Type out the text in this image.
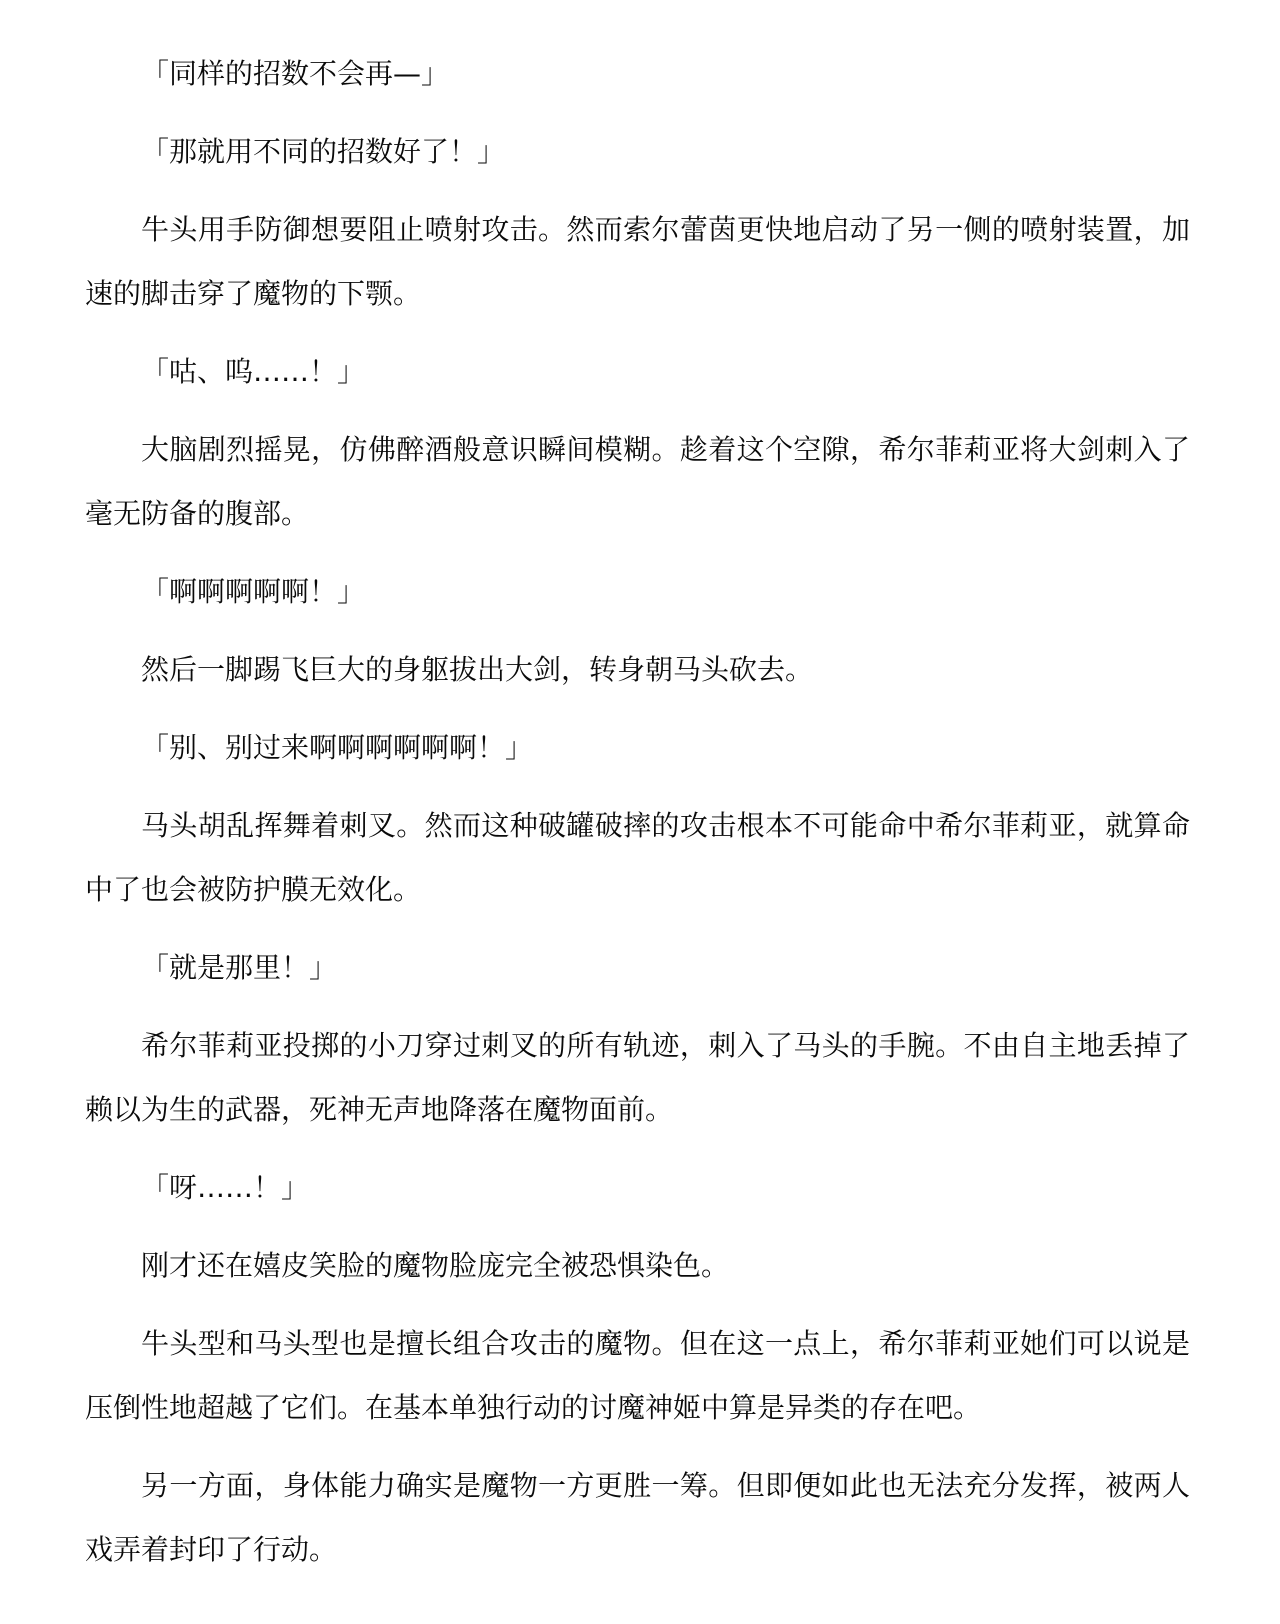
「同样的招数不会再—」

「那就用不同的招数好了！」

牛头用手防御想要阻止喷射攻击。然而索尔蕾茵更快地启动了另一侧的喷射装置，加速的脚击穿了魔物的下颚。

「咕、呜……！」

大脑剧烈摇晃，仿佛醉酒般意识瞬间模糊。趁着这个空隙，希尔菲莉亚将大剑刺入了毫无防备的腹部。

「啊啊啊啊啊！」

然后一脚踢飞巨大的身躯拔出大剑，转身朝马头砍去。

「别、别过来啊啊啊啊啊啊！」

马头胡乱挥舞着刺叉。然而这种破罐破摔的攻击根本不可能命中希尔菲莉亚，就算命中了也会被防护膜无效化。

「就是那里！」

希尔菲莉亚投掷的小刀穿过刺叉的所有轨迹，刺入了马头的手腕。不由自主地丢掉了赖以为生的武器，死神无声地降落在魔物面前。

「呀……！」

刚才还在嬉皮笑脸的魔物脸庞完全被恐惧染色。

牛头型和马头型也是擅长组合攻击的魔物。但在这一点上，希尔菲莉亚她们可以说是压倒性地超越了它们。在基本单独行动的讨魔神姬中算是异类的存在吧。

另一方面，身体能力确实是魔物一方更胜一筹。但即便如此也无法充分发挥，被两人戏弄着封印了行动。
